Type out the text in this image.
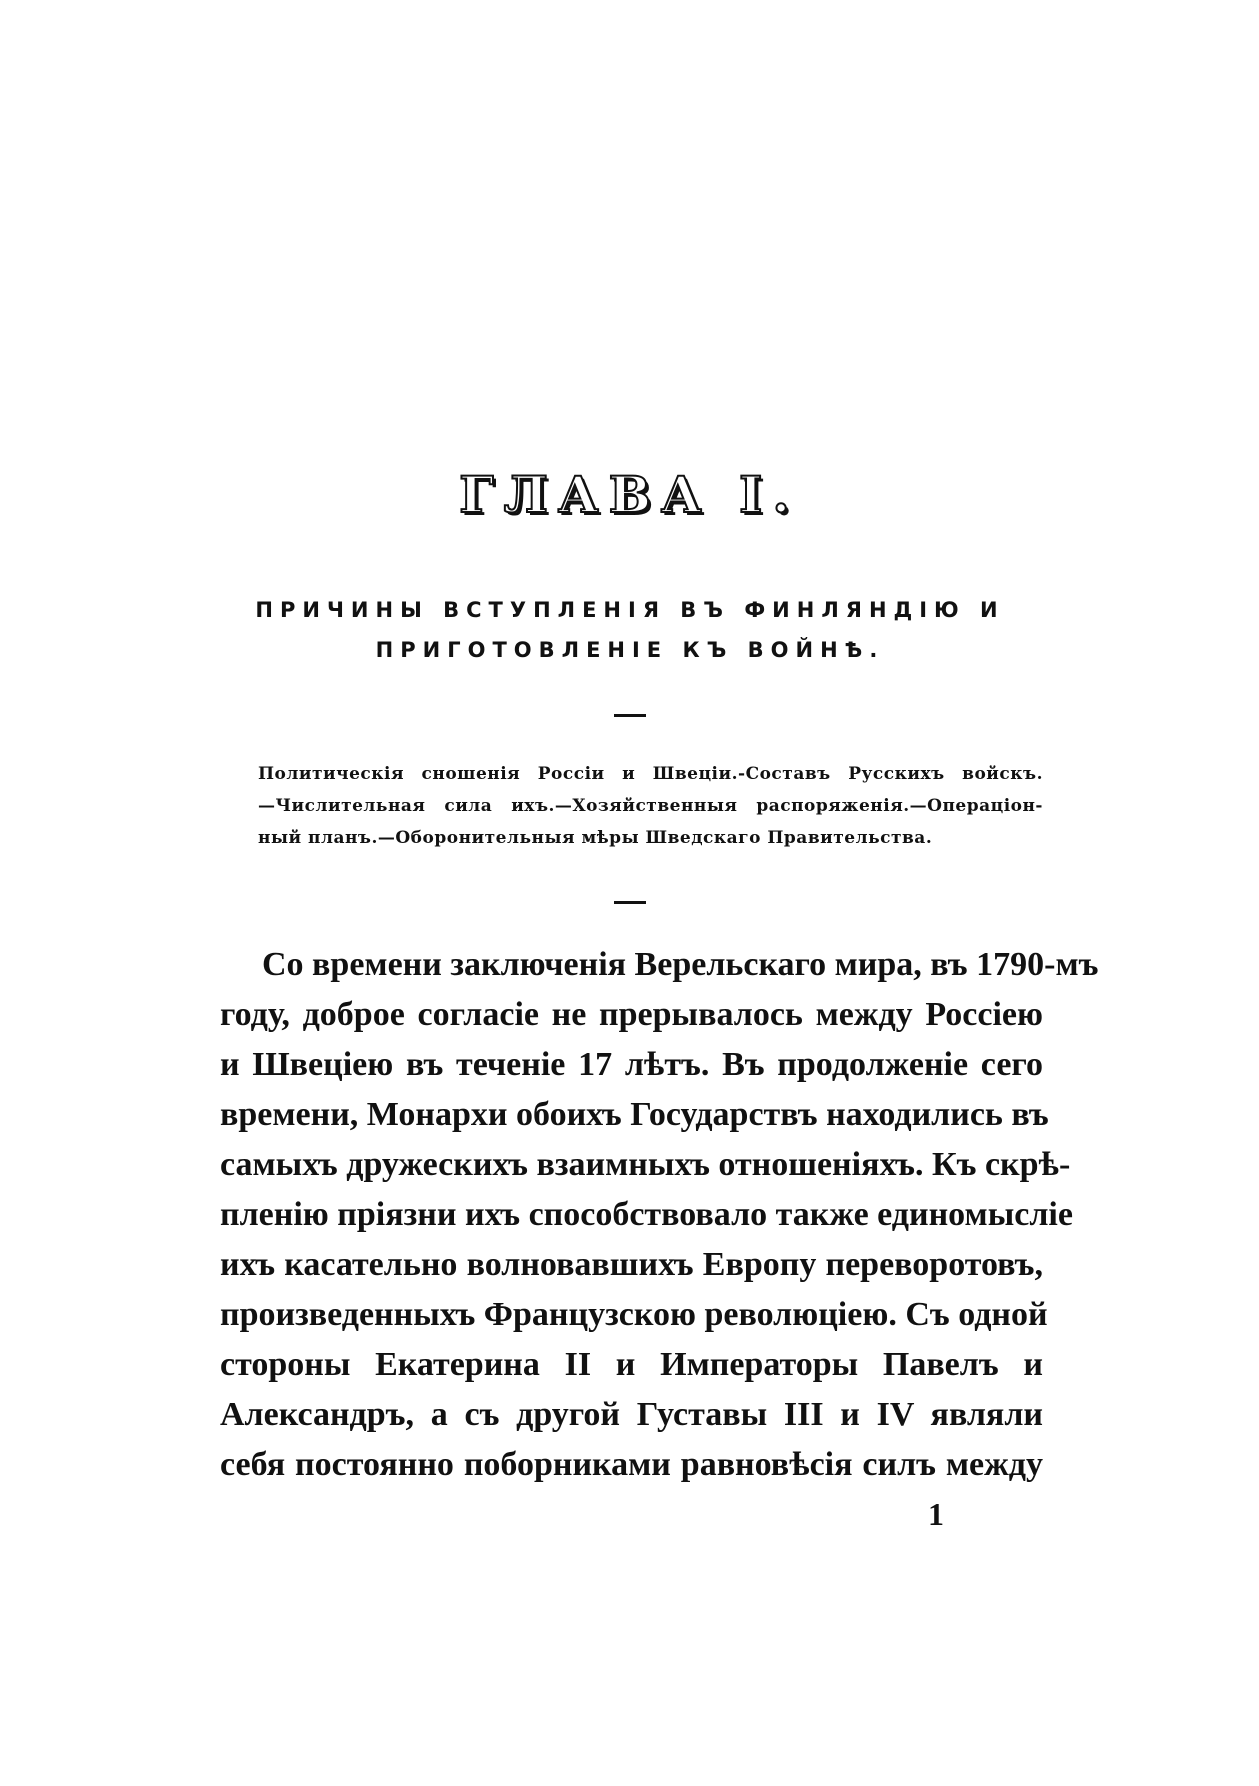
ГЛАВА I.
ПРИЧИНЫ ВСТУПЛЕНІЯ ВЪ ФИНЛЯНДІЮ И
ПРИГОТОВЛЕНІЕ КЪ ВОЙНѢ.
Политическія сношенія Россіи и Швеціи.-Составъ Русскихъ войскъ.
—Числительная сила ихъ.—Хозяйственныя распоряженія.—Операціон-
ный планъ.—Оборонительныя мѣры Шведскаго Правительства.
Со времени заключенія Верельскаго мира, въ 1790-мъ
году, доброе согласіе не прерывалось между Россіею
и Швеціею въ теченіе 17 лѣтъ. Въ продолженіе сего
времени, Монархи обоихъ Государствъ находились въ
самыхъ дружескихъ взаимныхъ отношеніяхъ. Къ скрѣ-
пленію пріязни ихъ способствовало также единомысліе
ихъ касательно волновавшихъ Европу переворотовъ,
произведенныхъ Французскою революціею. Съ одной
стороны Екатерина II и Императоры Павелъ и
Александръ, а съ другой Густавы III и IV являли
себя постоянно поборниками равновѣсія силъ между
1
